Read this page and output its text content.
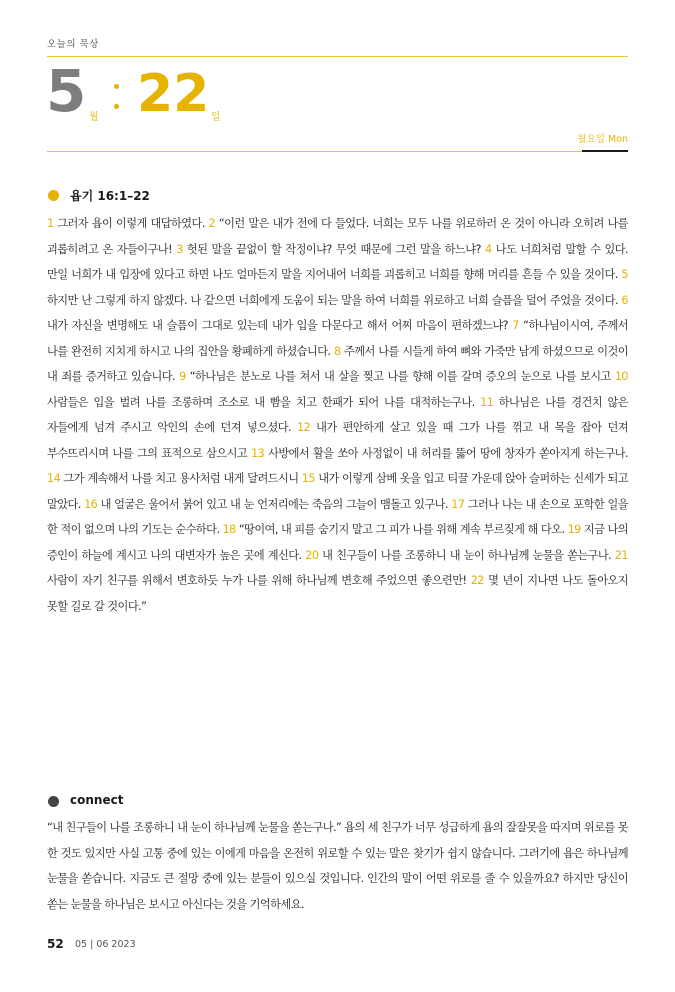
오늘의 묵상
5 월 22 일
월요일 Mon
욥기 16:1–22
1 그러자 욥이 이렇게 대답하였다. 2 “이런 말은 내가 전에 다 들었다. 너희는 모두 나를 위로하러 온 것이 아니라 오히려 나를 괴롭히려고 온 자들이구나! 3 헛된 말을 끝없이 할 작정이냐? 무엇 때문에 그런 말을 하느냐? 4 나도 너희처럼 말할 수 있다. 만일 너희가 내 입장에 있다고 하면 나도 얼마든지 말을 지어내어 너희를 괴롭히고 너희를 향해 머리를 흔들 수 있을 것이다. 5 하지만 난 그렇게 하지 않겠다. 나 같으면 너희에게 도움이 되는 말을 하여 너희를 위로하고 너희 슬픔을 덜어 주었을 것이다. 6 내가 자신을 변명해도 내 슬픔이 그대로 있는데 내가 입을 다문다고 해서 어찌 마음이 편하겠느냐? 7 “하나님이시여, 주께서 나를 완전히 지치게 하시고 나의 집안을 황폐하게 하셨습니다. 8 주께서 나를 시들게 하여 뼈와 가죽만 남게 하셨으므로 이것이 내 죄를 증거하고 있습니다. 9 “하나님은 분노로 나를 쳐서 내 살을 찢고 나를 향해 이를 갈며 증오의 눈으로 나를 보시고 10 사람들은 입을 벌려 나를 조롱하며 조소로 내 빰을 치고 한패가 되어 나를 대적하는구나. 11 하나님은 나를 경건치 않은 자들에게 넘겨 주시고 악인의 손에 던져 넣으셨다. 12 내가 편안하게 살고 있을 때 그가 나를 꺾고 내 목을 잡아 던져 부수뜨리시며 나를 그의 표적으로 삼으시고 13 사방에서 활을 쏘아 사정없이 내 허리를 뚫어 땅에 창자가 쏟아지게 하는구나. 14 그가 계속해서 나를 치고 용사처럼 내게 달려드시니 15 내가 이렇게 삼베 옷을 입고 티끌 가운데 앉아 슬퍼하는 신세가 되고 말았다. 16 내 얼굴은 울어서 붉어 있고 내 눈 언저리에는 죽음의 그늘이 맴돌고 있구나. 17 그러나 나는 내 손으로 포학한 일을 한 적이 없으며 나의 기도는 순수하다. 18 “땅이여, 내 피를 숨기지 말고 그 피가 나를 위해 계속 부르짖게 해 다오. 19 지금 나의 증인이 하늘에 계시고 나의 대변자가 높은 곳에 계신다. 20 내 친구들이 나를 조롱하니 내 눈이 하나님께 눈물을 쏟는구나. 21 사람이 자기 친구를 위해서 변호하듯 누가 나를 위해 하나님께 변호해 주었으면 좋으련만! 22 몇 년이 지나면 나도 돌아오지 못할 길로 갈 것이다.”
connect
“내 친구들이 나를 조롱하니 내 눈이 하나님께 눈물을 쏟는구나.” 욥의 세 친구가 너무 성급하게 욥의 잘잘못을 따지며 위로를 못 한 것도 있지만 사실 고통 중에 있는 이에게 마음을 온전히 위로할 수 있는 말은 찾기가 쉽지 않습니다. 그러기에 욥은 하나님께 눈물을 쏟습니다. 지금도 큰 절망 중에 있는 분들이 있으실 것입니다. 인간의 말이 어떤 위로를 줄 수 있을까요? 하지만 당신이 쏟는 눈물을 하나님은 보시고 아신다는 것을 기억하세요.
52 05 | 06 2023
